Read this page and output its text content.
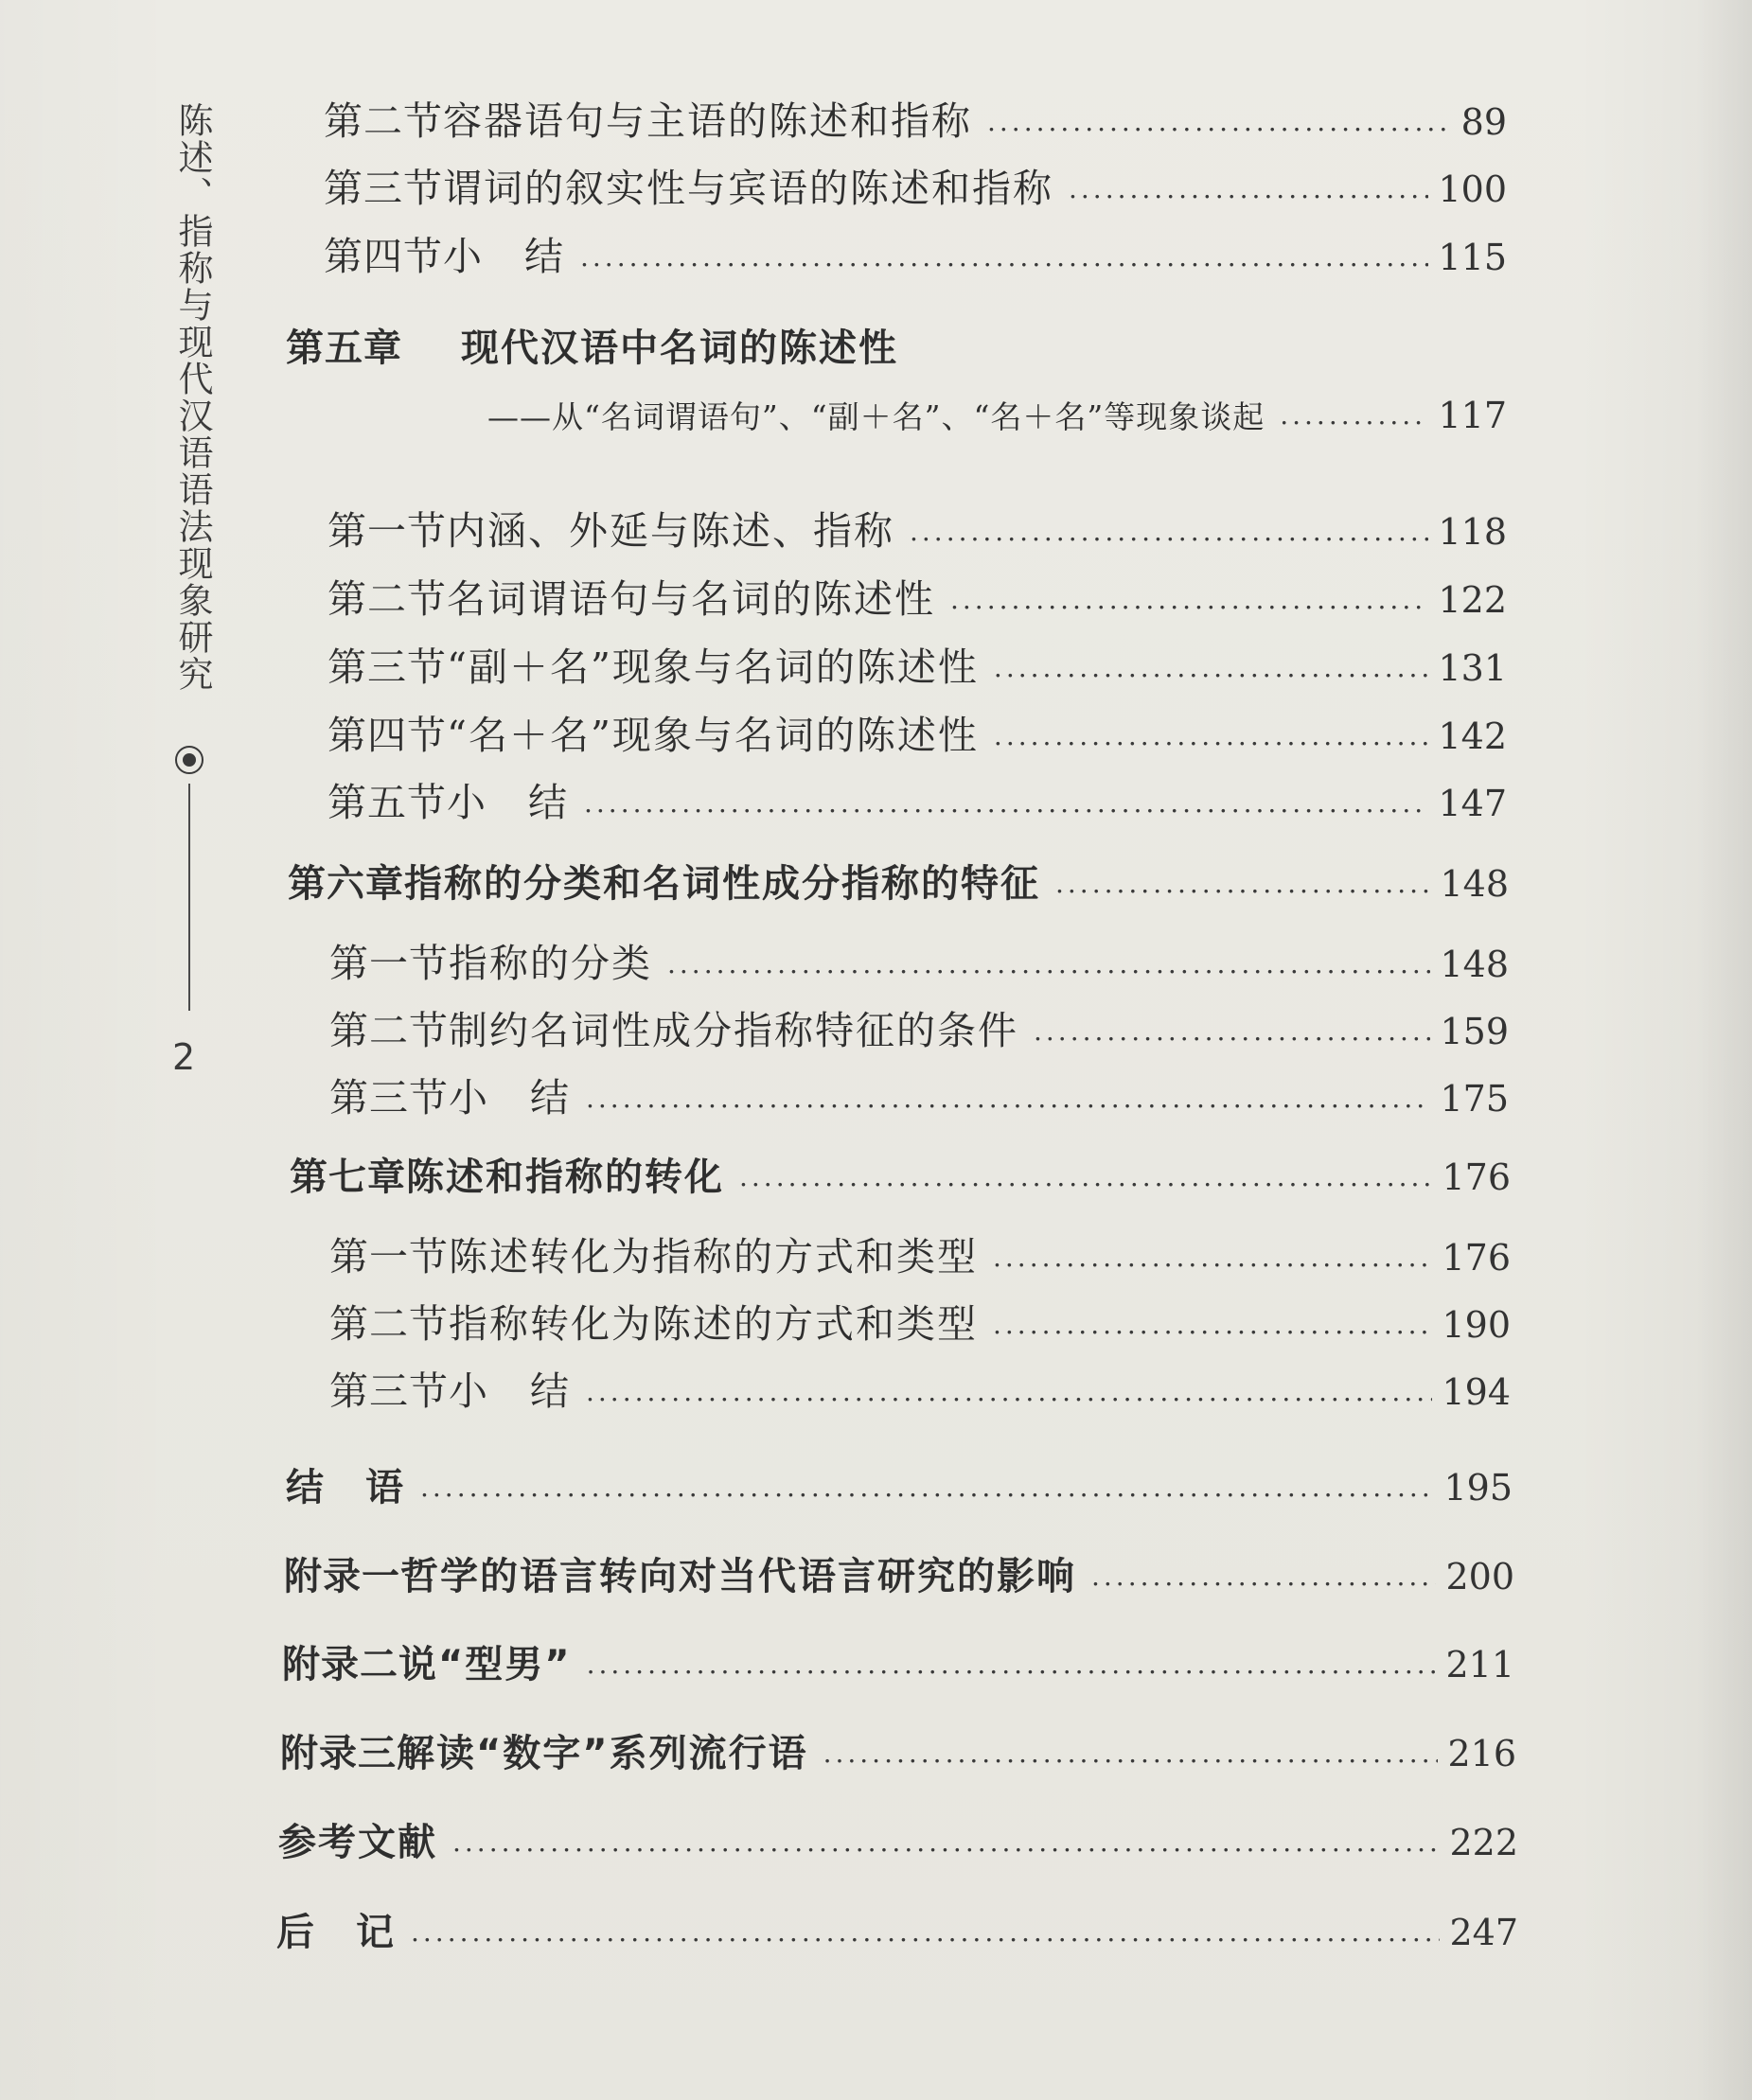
陈述、指称与现代汉语语法现象研究
2
第二节 容器语句与主语的陈述和指称 .....	89
第三节 谓词的叙实性与宾语的陈述和指称 .....	100
第四节 小　结 .....	115
第五章	现代汉语中名词的陈述性
——从“名词谓语句”、“副＋名”、“名＋名”等现象谈起 .....	117
第一节 内涵、外延与陈述、指称 .....	118
第二节 名词谓语句与名词的陈述性 .....	122
第三节 “副＋名”现象与名词的陈述性 .....	131
第四节 “名＋名”现象与名词的陈述性 .....	142
第五节 小　结 .....	147
第六章 指称的分类和名词性成分指称的特征 .....	148
第一节 指称的分类 .....	148
第二节 制约名词性成分指称特征的条件 .....	159
第三节 小　结 .....	175
第七章 陈述和指称的转化 .....	176
第一节 陈述转化为指称的方式和类型 .....	176
第二节 指称转化为陈述的方式和类型 .....	190
第三节 小　结 .....	194
结　语 .....	195
附录一 哲学的语言转向对当代语言研究的影响 .....	200
附录二 说“型男” .....	211
附录三 解读“数字”系列流行语 .....	216
参考文献 .....	222
后　记 .....	247
